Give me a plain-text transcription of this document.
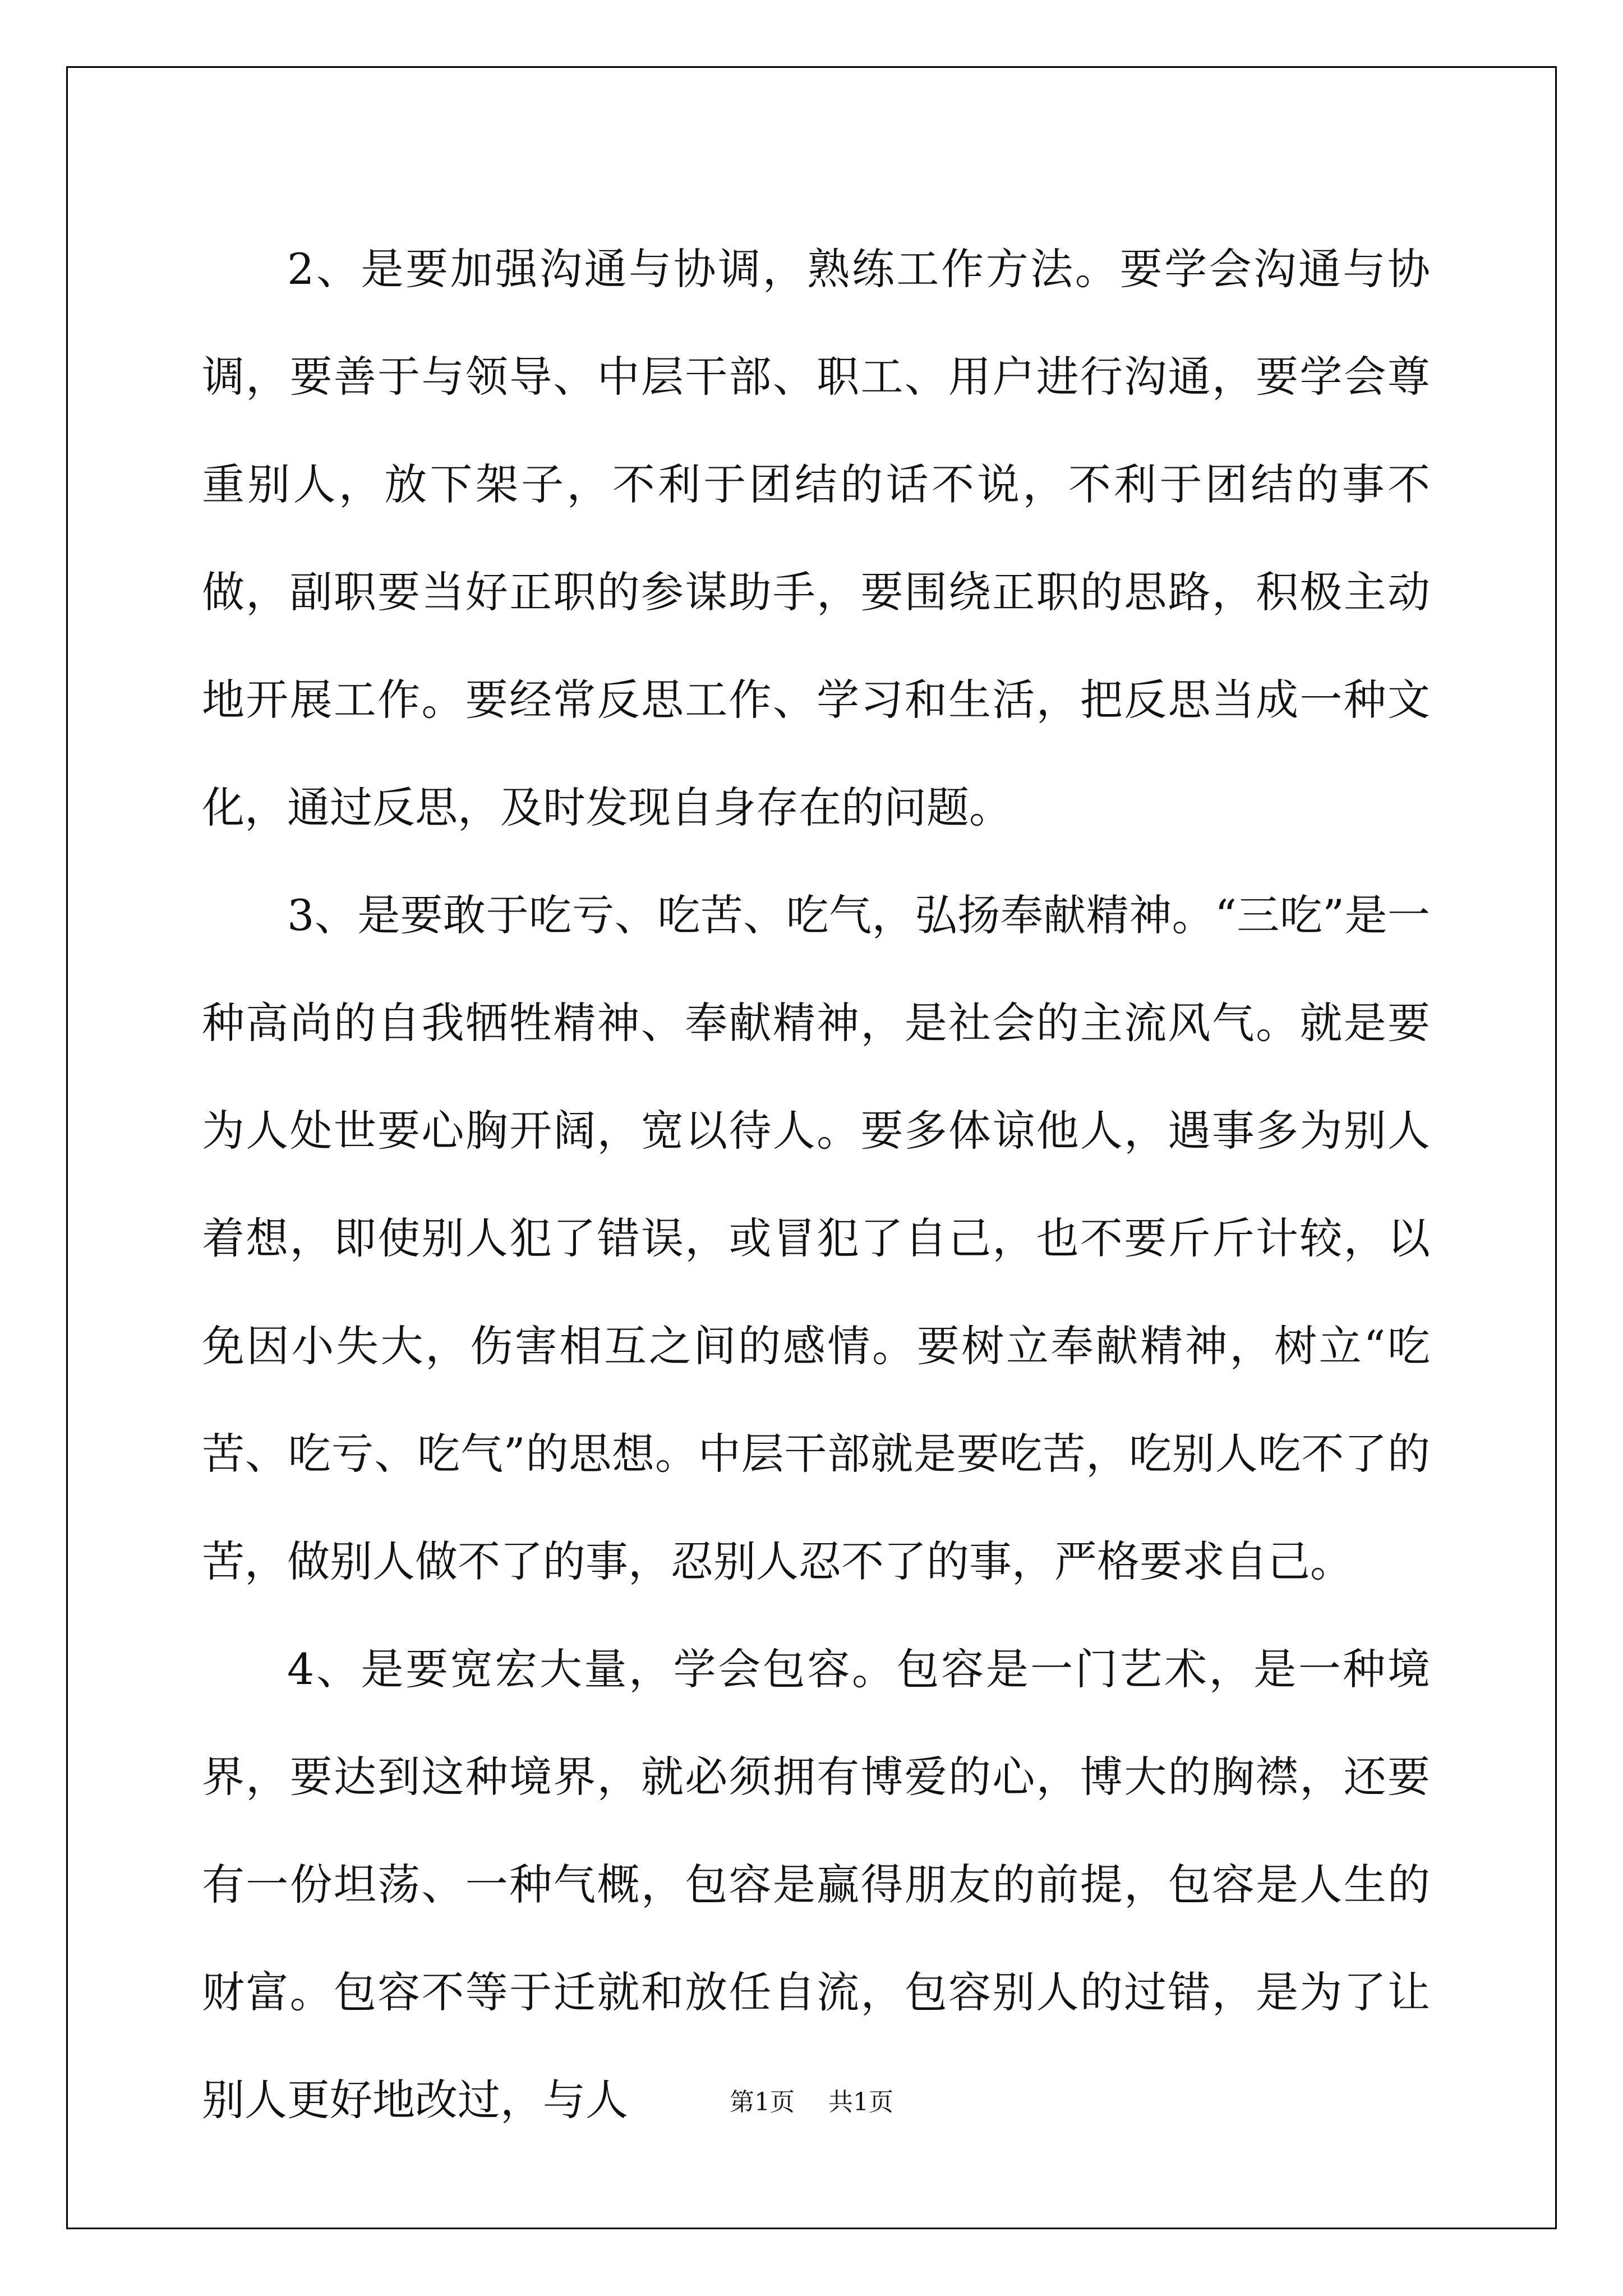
2、是要加强沟通与协调，熟练工作方法。要学会沟通与协调，要善于与领导、中层干部、职工、用户进行沟通，要学会尊重别人，放下架子，不利于团结的话不说，不利于团结的事不做，副职要当好正职的参谋助手，要围绕正职的思路，积极主动地开展工作。要经常反思工作、学习和生活，把反思当成一种文化，通过反思，及时发现自身存在的问题。

3、是要敢于吃亏、吃苦、吃气，弘扬奉献精神。“三吃”是一种高尚的自我牺牲精神、奉献精神，是社会的主流风气。就是要为人处世要心胸开阔，宽以待人。要多体谅他人，遇事多为别人着想，即使别人犯了错误，或冒犯了自己，也不要斤斤计较，以免因小失大，伤害相互之间的感情。要树立奉献精神，树立“吃苦、吃亏、吃气”的思想。中层干部就是要吃苦，吃别人吃不了的苦，做别人做不了的事，忍别人忍不了的事，严格要求自己。

4、是要宽宏大量，学会包容。包容是一门艺术，是一种境界，要达到这种境界，就必须拥有博爱的心，博大的胸襟，还要有一份坦荡、一种气概，包容是赢得朋友的前提，包容是人生的财富。包容不等于迁就和放任自流，包容别人的过错，是为了让别人更好地改过，与人	第1页 共1页
